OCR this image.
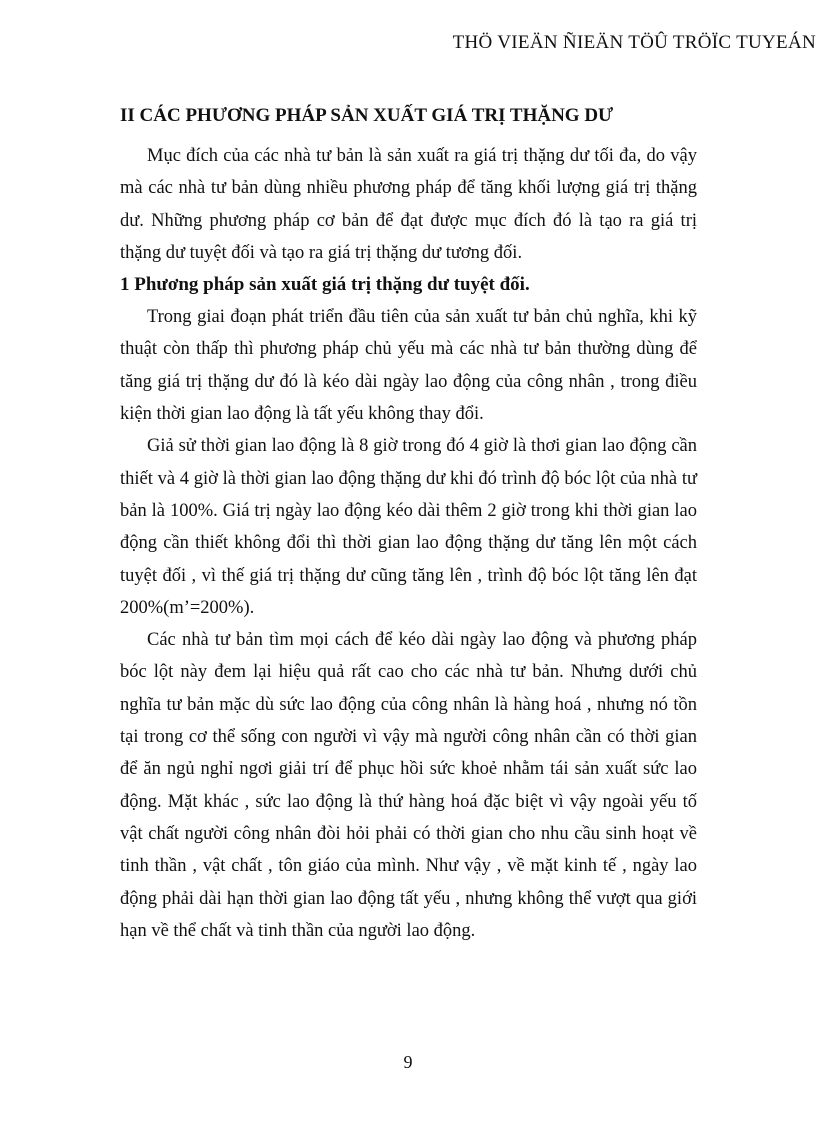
THÖ VIEÄN ÑIEÄN TÖÛ TRÖÏC TUYEÁN
II CÁC PHƯƠNG PHÁP SẢN XUẤT GIÁ TRỊ THẶNG DƯ

Mục đích của các nhà tư bản là sản xuất ra giá trị thặng dư tối đa, do vậy mà các nhà tư bản dùng nhiều phương pháp để tăng khối lượng giá trị thặng dư. Những phương pháp cơ bản để đạt được mục đích đó là tạo ra giá trị thặng dư tuyệt đối và tạo ra giá trị thặng dư tương đối.

1 Phương pháp sản xuất giá trị thặng dư tuyệt đối.

Trong giai đoạn phát triển đầu tiên của sản xuất tư bản chủ nghĩa, khi kỹ thuật còn thấp thì phương pháp chủ yếu mà các nhà tư bản thường dùng để tăng giá trị thặng dư đó là kéo dài ngày lao động của công nhân , trong điều kiện thời gian lao động là tất yếu không thay đổi.

Giả sử thời gian lao động là 8 giờ trong đó 4 giờ là thơi gian lao động cần thiết và 4 giờ là thời gian lao động thặng dư khi đó trình độ bóc lột của nhà tư bản là 100%. Giá trị ngày lao động kéo dài thêm 2 giờ trong khi thời gian lao động cần thiết không đổi thì thời gian lao động thặng dư tăng lên một cách tuyệt đối , vì thế giá trị thặng dư cũng tăng lên , trình độ bóc lột tăng lên đạt 200%(m’=200%).

Các nhà tư bản tìm mọi cách để kéo dài ngày lao động và phương pháp bóc lột này đem lại hiệu quả rất cao cho các nhà tư bản. Nhưng dưới chủ nghĩa tư bản mặc dù sức lao động của công nhân là hàng hoá , nhưng nó tồn tại trong cơ thể sống con người vì vậy mà người công nhân cần có thời gian để ăn ngủ nghỉ ngơi giải trí để phục hồi sức khoẻ nhằm tái sản xuất sức lao động. Mặt khác , sức lao động là thứ hàng hoá đặc biệt vì vậy ngoài yếu tố vật chất người công nhân đòi hỏi phải có thời gian cho nhu cầu sinh hoạt về tinh thần , vật chất , tôn giáo của mình. Như vậy , về mặt kinh tế , ngày lao động phải dài hạn thời gian lao động tất yếu , nhưng không thể vượt qua giới hạn về thể chất và tinh thần của người lao động.

9
